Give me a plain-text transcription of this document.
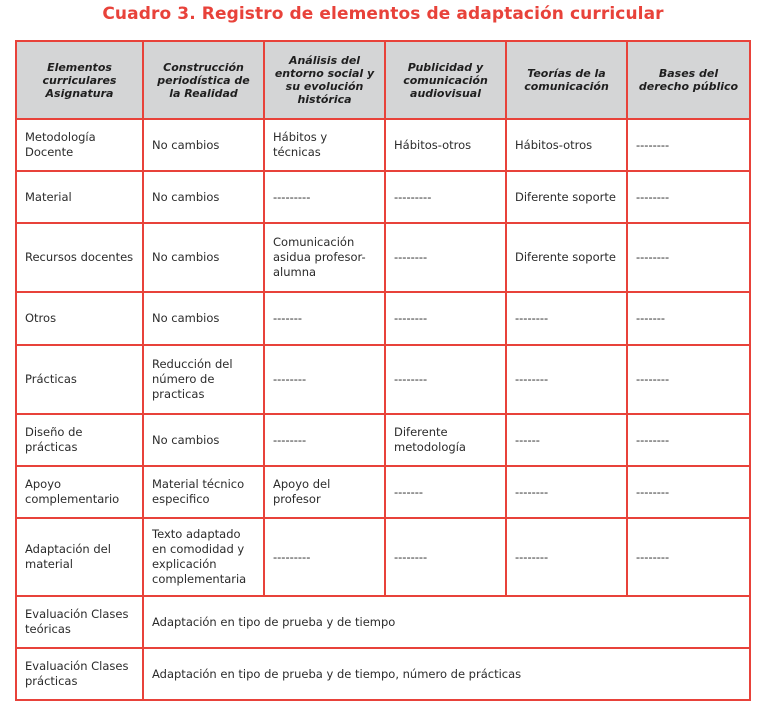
Cuadro 3. Registro de elementos de adaptación curricular
Elementos curriculares Asignatura	Construcción periodística de la Realidad	Análisis del entorno social y su evolución histórica	Publicidad y comunicación audiovisual	Teorías de la comunicación	Bases del derecho público
Metodología Docente	No cambios	Hábitos y técnicas	Hábitos-otros	Hábitos-otros	--------
Material	No cambios	---------	---------	Diferente soporte	--------
Recursos docentes	No cambios	Comunicación asidua profesor-alumna	--------	Diferente soporte	--------
Otros	No cambios	-------	--------	--------	-------
Prácticas	Reducción del número de practicas	--------	--------	--------	--------
Diseño de prácticas	No cambios	--------	Diferente metodología	------	--------
Apoyo complementario	Material técnico especifico	Apoyo del profesor	-------	--------	--------
Adaptación del material	Texto adaptado en comodidad y explicación complementaria	---------	--------	--------	--------
Evaluación Clases teóricas	Adaptación en tipo de prueba y de tiempo				
Evaluación Clases prácticas	Adaptación en tipo de prueba y de tiempo, número de prácticas				
